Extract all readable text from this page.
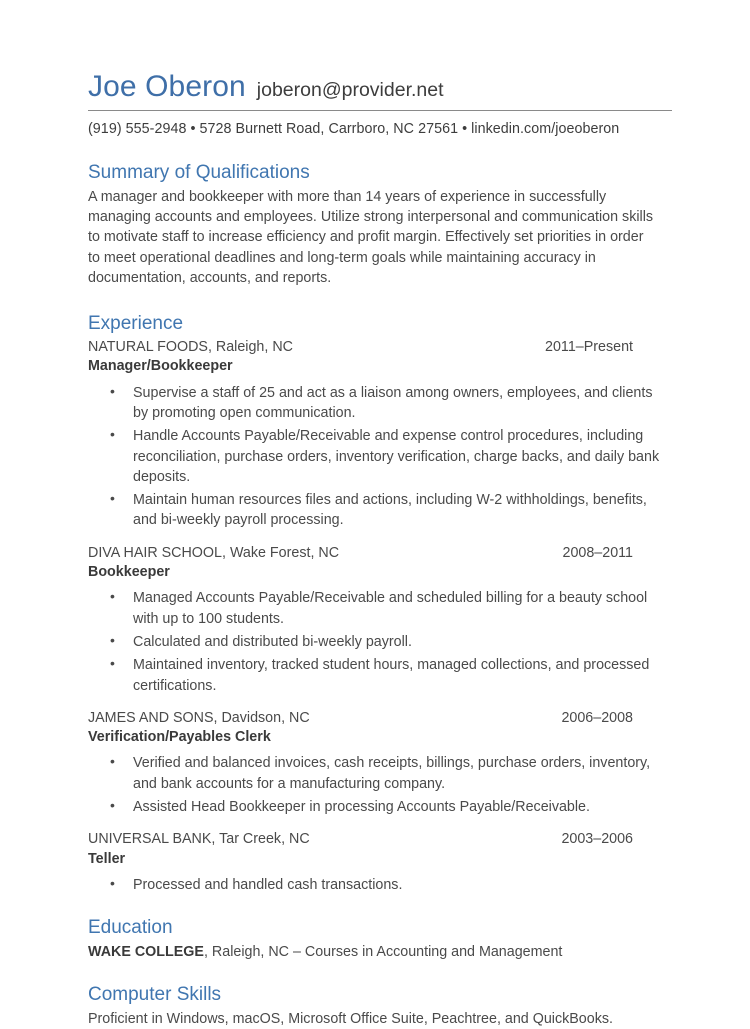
Joe Oberon joberon@provider.net
(919) 555-2948 • 5728 Burnett Road, Carrboro, NC 27561 • linkedin.com/joeoberon
Summary of Qualifications

A manager and bookkeeper with more than 14 years of experience in successfully managing accounts and employees. Utilize strong interpersonal and communication skills to motivate staff to increase efficiency and profit margin. Effectively set priorities in order to meet operational deadlines and long-term goals while maintaining accuracy in documentation, accounts, and reports.

Experience
NATURAL FOODS, Raleigh, NC	2011–Present
Manager/Bookkeeper
• Supervise a staff of 25 and act as a liaison among owners, employees, and clients by promoting open communication.
• Handle Accounts Payable/Receivable and expense control procedures, including reconciliation, purchase orders, inventory verification, charge backs, and daily bank deposits.
• Maintain human resources files and actions, including W-2 withholdings, benefits, and bi-weekly payroll processing.
DIVA HAIR SCHOOL, Wake Forest, NC	2008–2011
Bookkeeper
• Managed Accounts Payable/Receivable and scheduled billing for a beauty school with up to 100 students.
• Calculated and distributed bi-weekly payroll.
• Maintained inventory, tracked student hours, managed collections, and processed certifications.
JAMES AND SONS, Davidson, NC	2006–2008
Verification/Payables Clerk
• Verified and balanced invoices, cash receipts, billings, purchase orders, inventory, and bank accounts for a manufacturing company.
• Assisted Head Bookkeeper in processing Accounts Payable/Receivable.
UNIVERSAL BANK, Tar Creek, NC	2003–2006
Teller
• Processed and handled cash transactions.
Education
WAKE COLLEGE, Raleigh, NC – Courses in Accounting and Management
Computer Skills

Proficient in Windows, macOS, Microsoft Office Suite, Peachtree, and QuickBooks.
